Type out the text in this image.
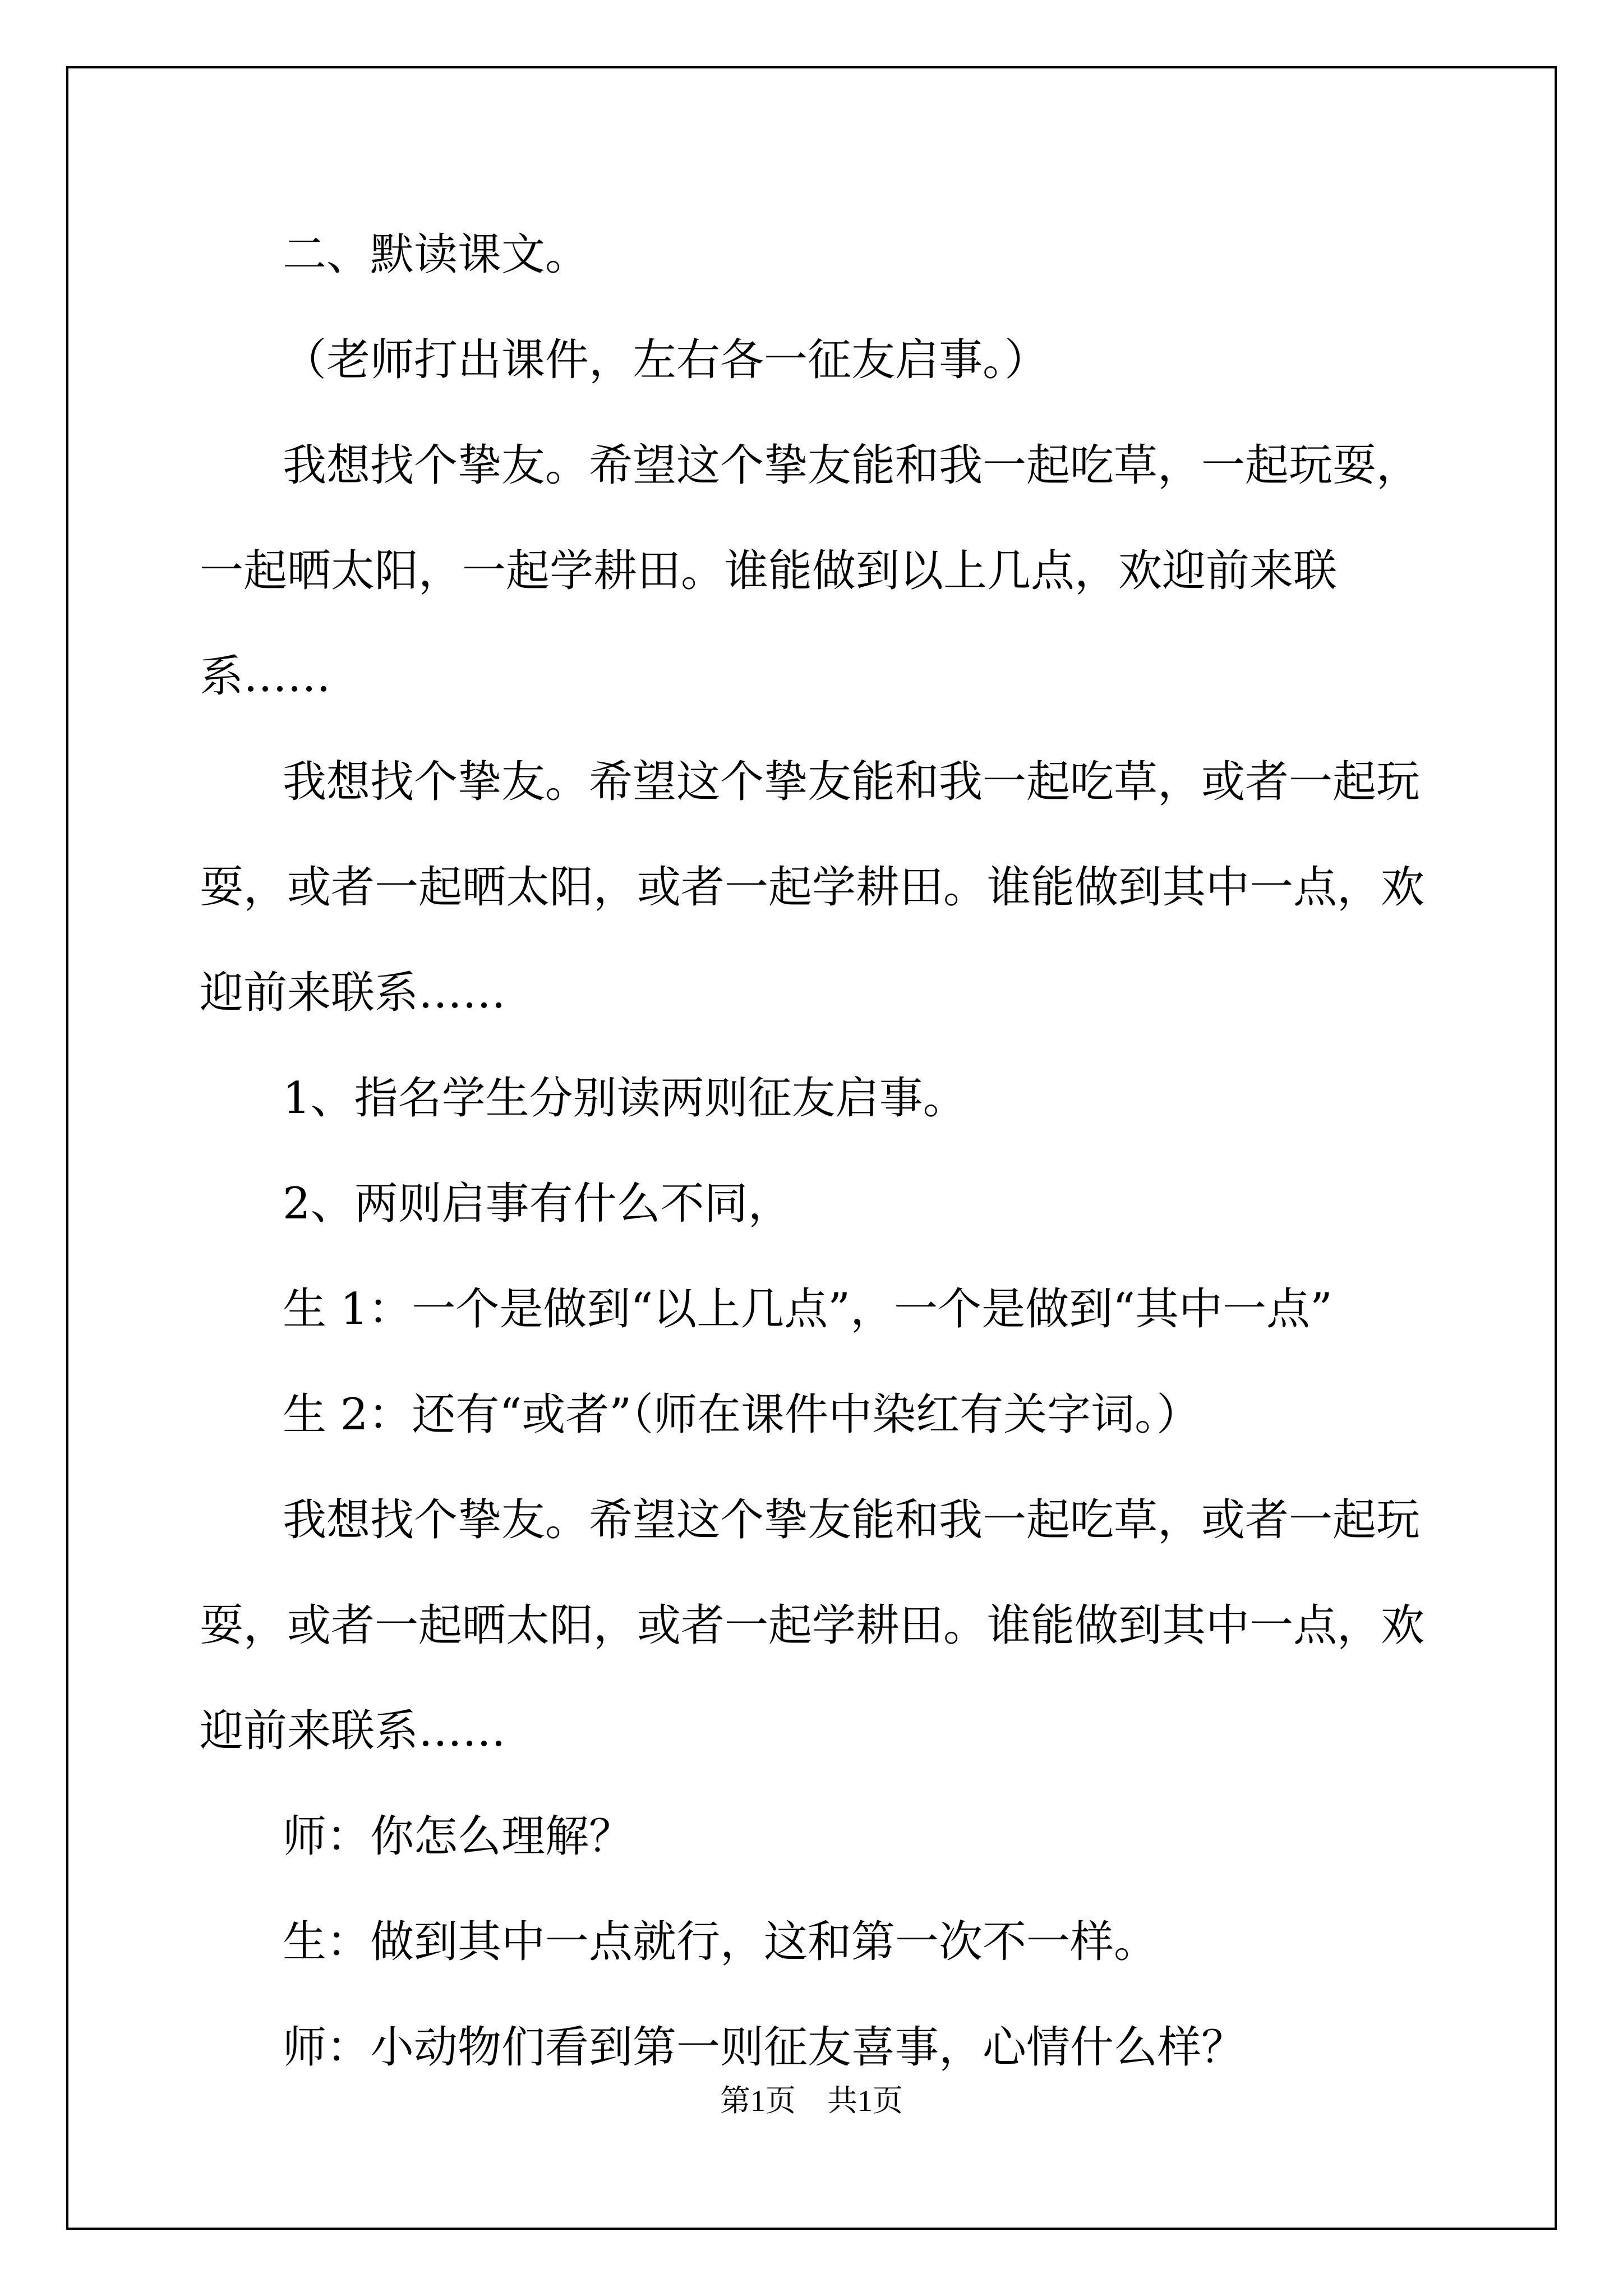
二、默读课文。

（老师打出课件，左右各一征友启事。）

我想找个挚友。希望这个挚友能和我一起吃草，一起玩耍，一起晒太阳，一起学耕田。谁能做到以上几点，欢迎前来联系……

我想找个挚友。希望这个挚友能和我一起吃草，或者一起玩耍，或者一起晒太阳，或者一起学耕田。谁能做到其中一点，欢迎前来联系……

1、指名学生分别读两则征友启事。

2、两则启事有什么不同，

生 1：一个是做到“以上几点”，一个是做到“其中一点”

生 2：还有“或者”（师在课件中染红有关字词。）

我想找个挚友。希望这个挚友能和我一起吃草，或者一起玩耍，或者一起晒太阳，或者一起学耕田。谁能做到其中一点，欢迎前来联系……

师：你怎么理解？

生：做到其中一点就行，这和第一次不一样。

师：小动物们看到第一则征友喜事，心情什么样？

第1页 共1页
